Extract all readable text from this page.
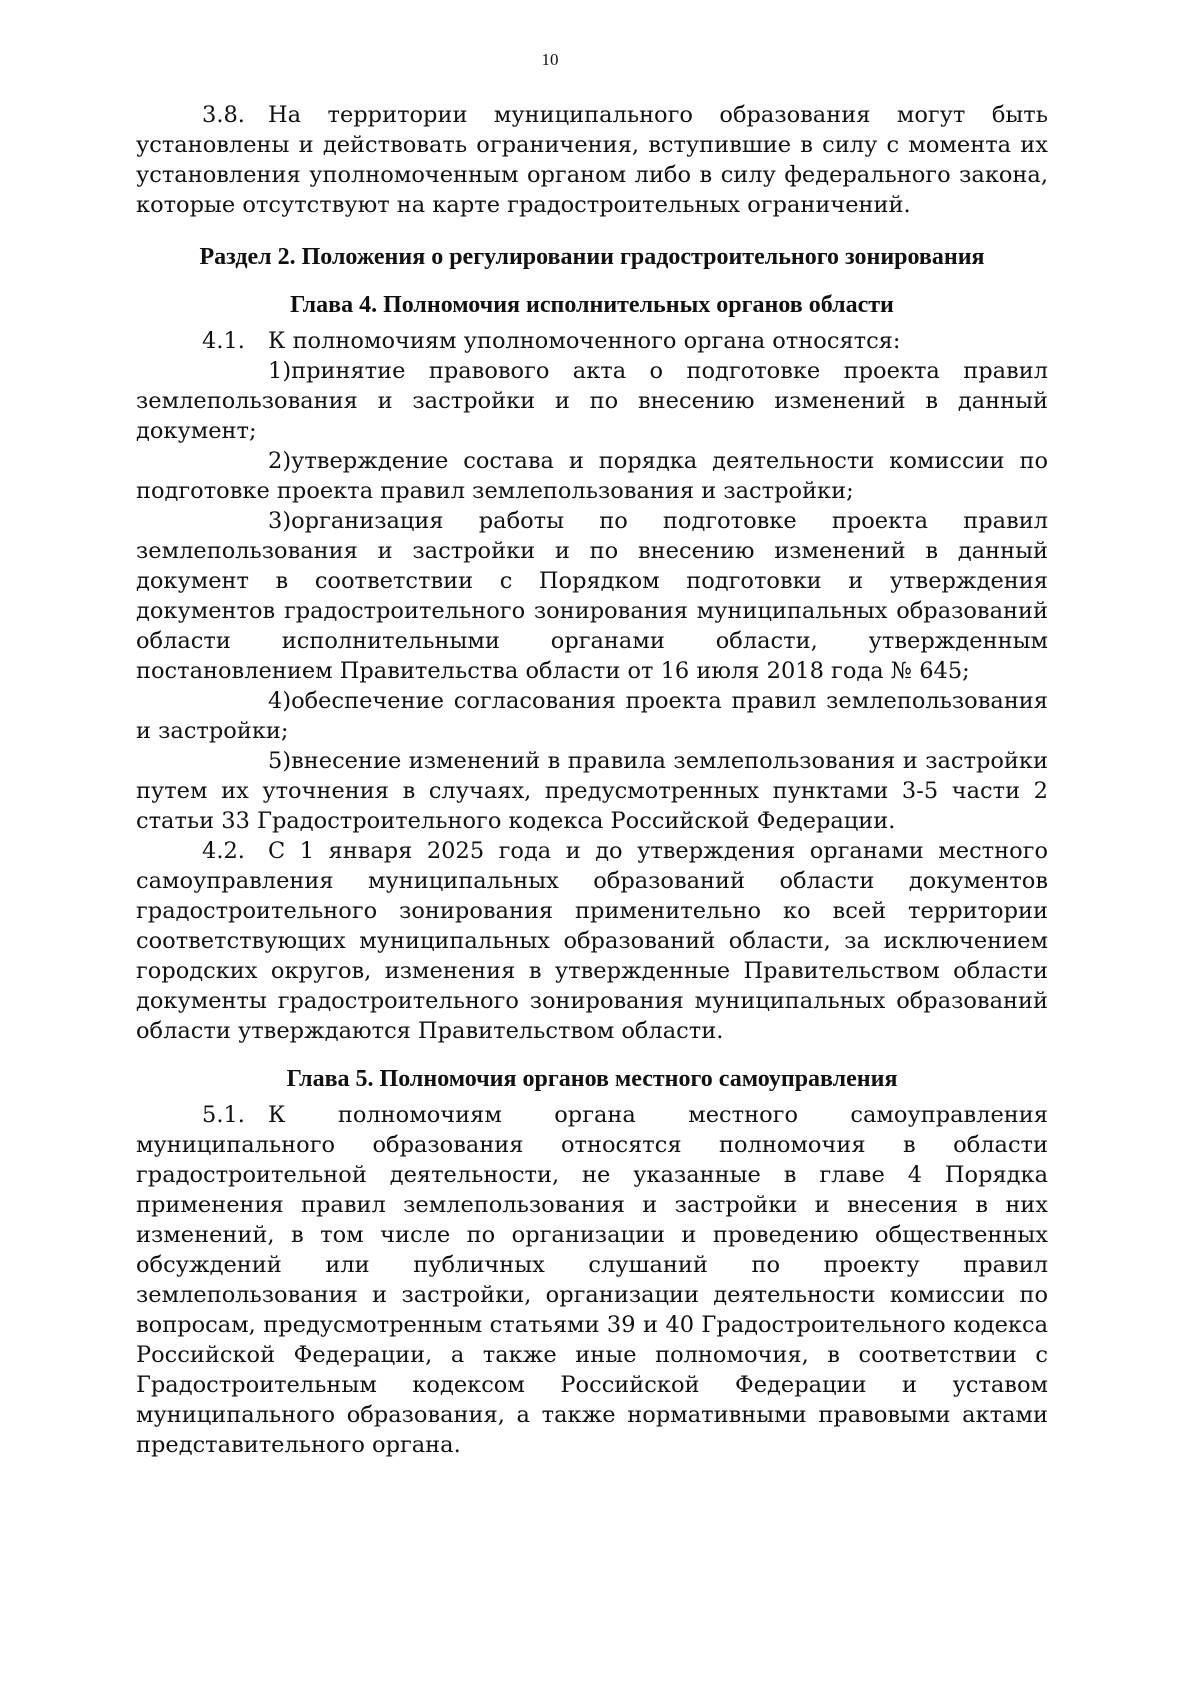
10

3.8. На территории муниципального образования могут быть установлены и действовать ограничения, вступившие в силу с момента их установления уполномоченным органом либо в силу федерального закона, которые отсутствуют на карте градостроительных ограничений.

Раздел 2. Положения о регулировании градостроительного зонирования
Глава 4. Полномочия исполнительных органов области

4.1. К полномочиям уполномоченного органа относятся:

1)принятие правового акта о подготовке проекта правил землепользования и застройки и по внесению изменений в данный документ;

2)утверждение состава и порядка деятельности комиссии по подготовке проекта правил землепользования и застройки;

3)организация работы по подготовке проекта правил землепользования и застройки и по внесению изменений в данный документ в соответствии с Порядком подготовки и утверждения документов градостроительного зонирования муниципальных образований области исполнительными органами области, утвержденным постановлением Правительства области от 16 июля 2018 года № 645;

4)обеспечение согласования проекта правил землепользования и застройки;

5)внесение изменений в правила землепользования и застройки путем их уточнения в случаях, предусмотренных пунктами 3-5 части 2 статьи 33 Градостроительного кодекса Российской Федерации.

4.2. С 1 января 2025 года и до утверждения органами местного самоуправления муниципальных образований области документов градостроительного зонирования применительно ко всей территории соответствующих муниципальных образований области, за исключением городских округов, изменения в утвержденные Правительством области документы градостроительного зонирования муниципальных образований области утверждаются Правительством области.

Глава 5. Полномочия органов местного самоуправления

5.1. К полномочиям органа местного самоуправления муниципального образования относятся полномочия в области градостроительной деятельности, не указанные в главе 4 Порядка применения правил землепользования и застройки и внесения в них изменений, в том числе по организации и проведению общественных обсуждений или публичных слушаний по проекту правил землепользования и застройки, организации деятельности комиссии по вопросам, предусмотренным статьями 39 и 40 Градостроительного кодекса Российской Федерации, а также иные полномочия, в соответствии с Градостроительным кодексом Российской Федерации и уставом муниципального образования, а также нормативными правовыми актами представительного органа.
